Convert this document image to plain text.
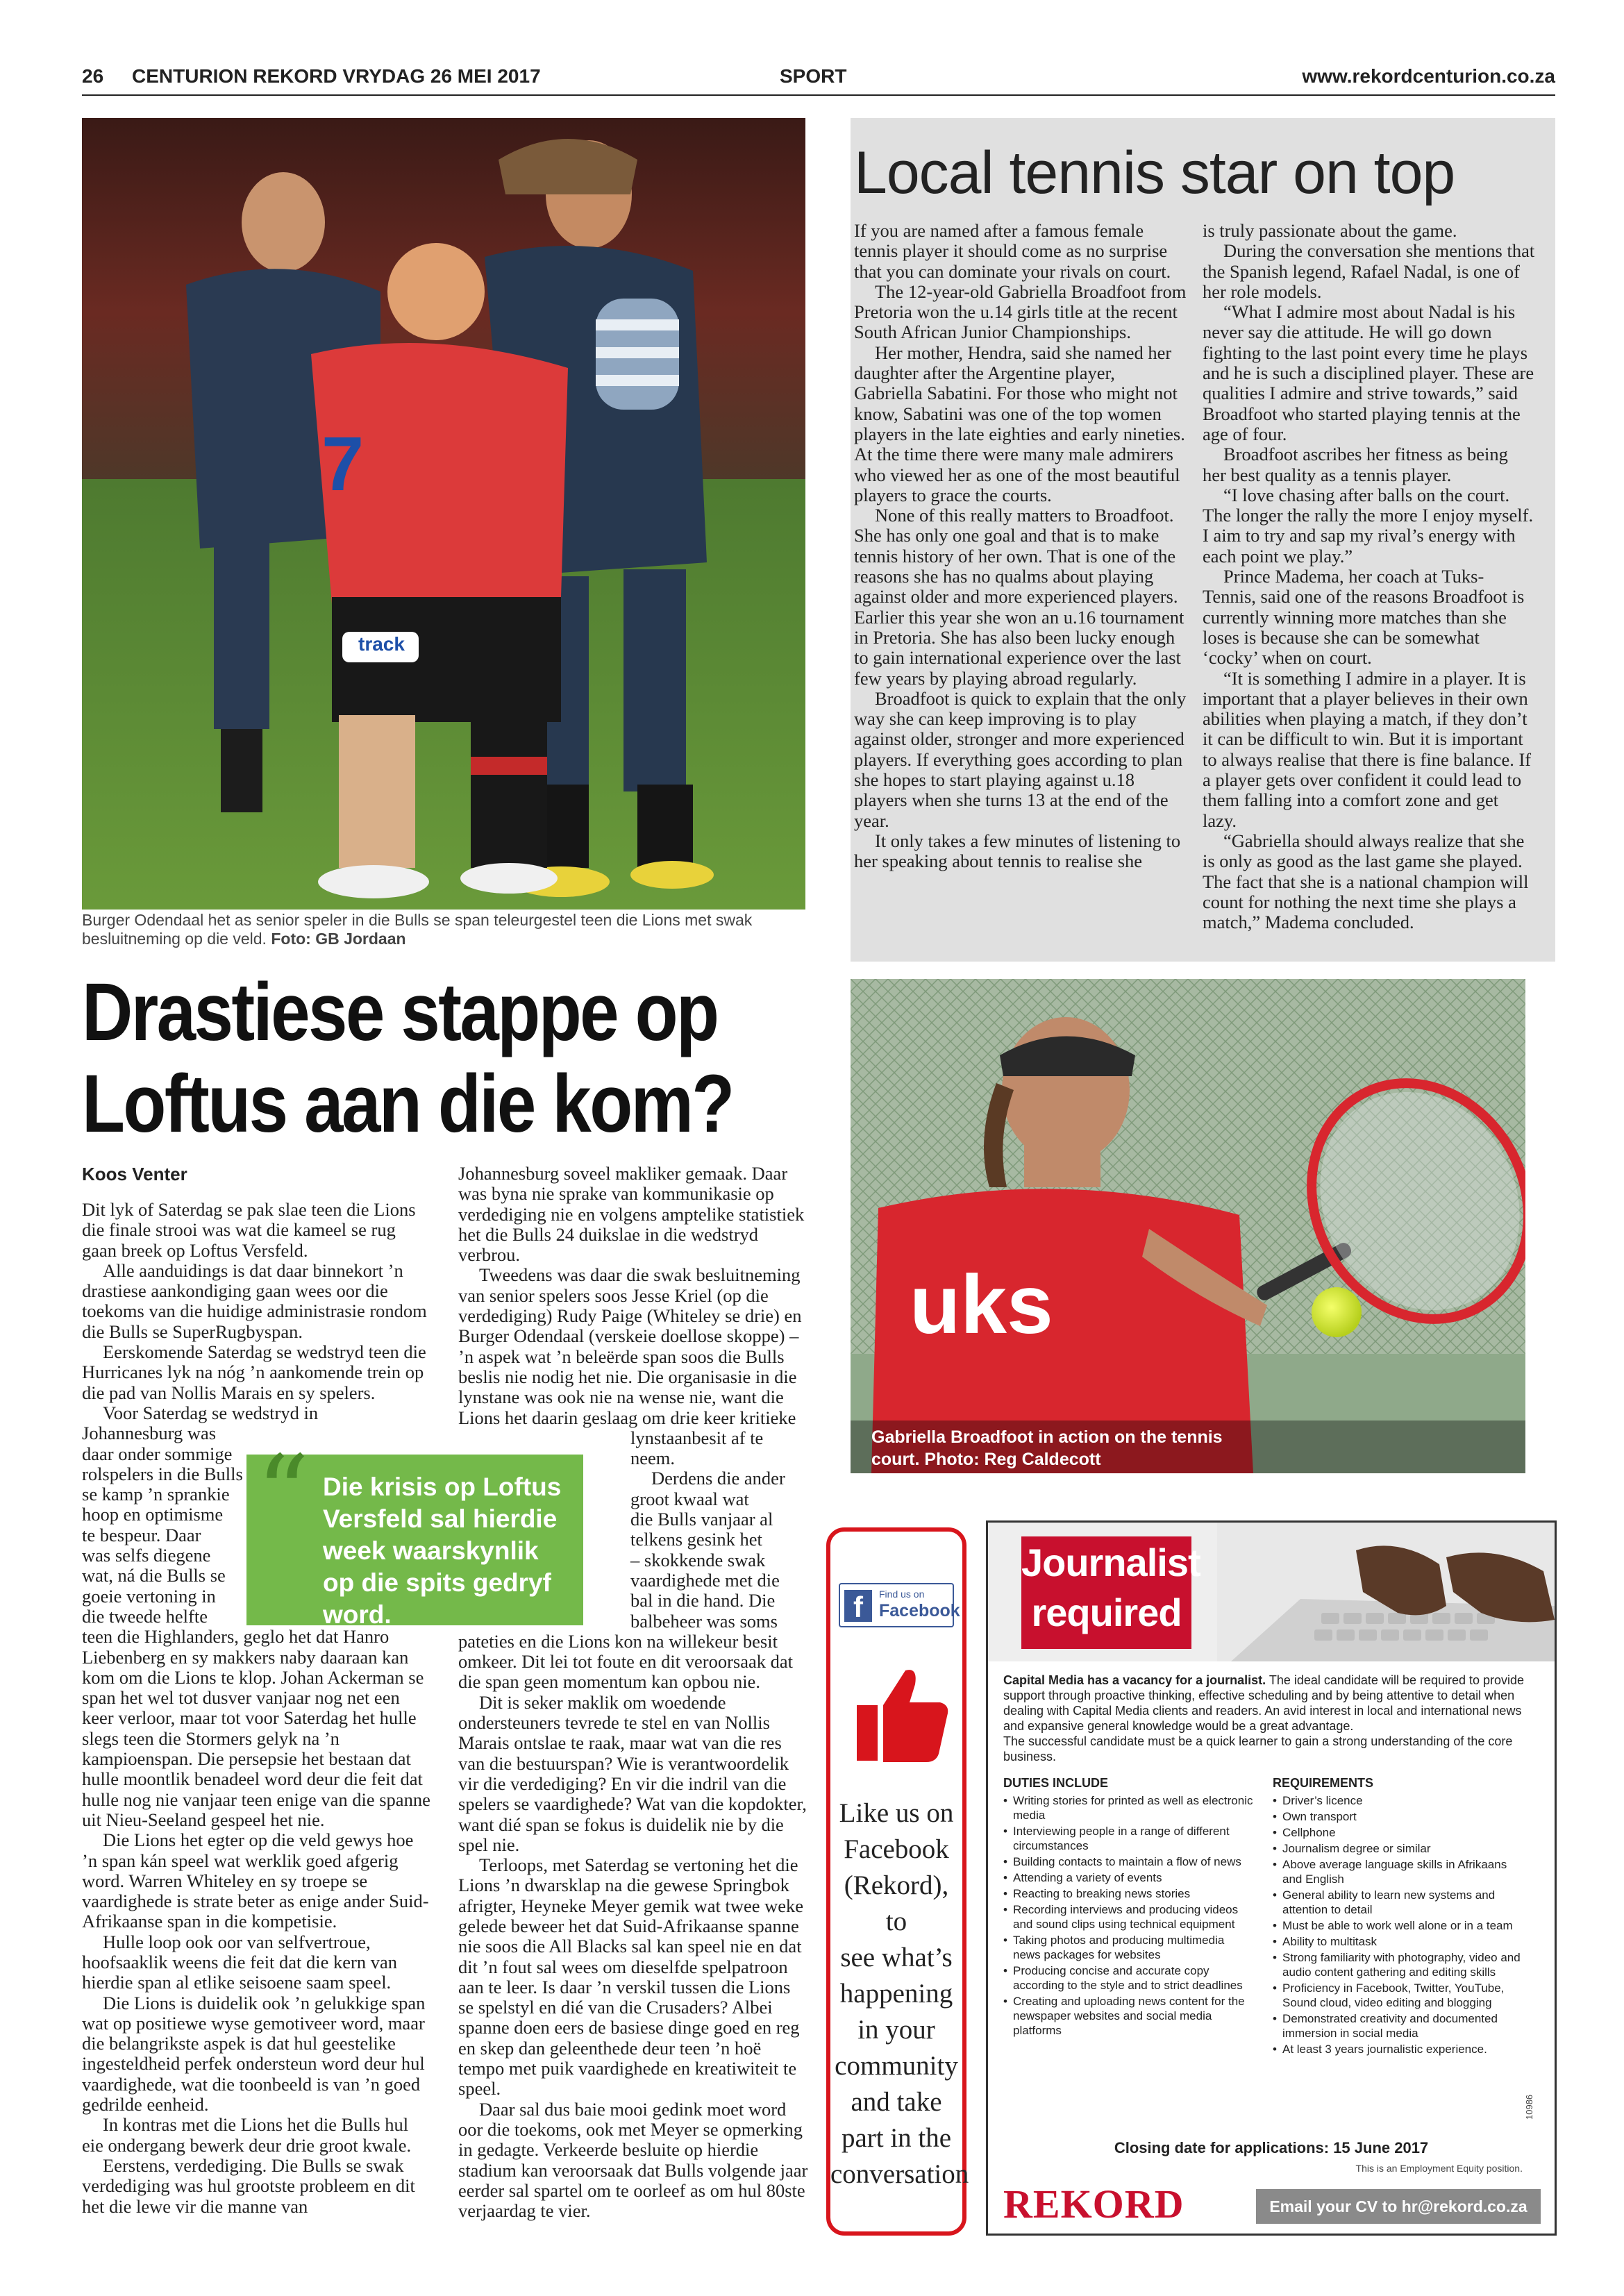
26 CENTURION REKORD VRYDAG 26 MEI 2017	SPORT	www.rekordcenturion.co.za
7
track
Burger Odendaal het as senior speler in die Bulls se span teleurgestel teen die Lions met swak besluitneming op die veld. Foto: GB Jordaan
Drastiese stappe op
Loftus aan die kom?
Koos Venter

Dit lyk of Saterdag se pak slae teen die Lions die finale strooi was wat die kameel se rug gaan breek op Loftus Versfeld.

Alle aanduidings is dat daar binnekort ’n drastiese aankondiging gaan wees oor die toekoms van die huidige administrasie rondom die Bulls se SuperRugbyspan.

Eerskomende Saterdag se wedstryd teen die Hurricanes lyk na nóg ’n aankomende trein op die pad van Nollis Marais en sy spelers.

Voor Saterdag se wedstryd in

Johannesburg was
daar onder sommige
rolspelers in die Bulls
se kamp ’n sprankie
hoop en optimisme
te bespeur. Daar
was selfs diegene
wat, ná die Bulls se
goeie vertoning in
die tweede helfte

teen die Highlanders, geglo het dat Hanro Liebenberg en sy makkers naby daaraan kan kom om die Lions te klop. Johan Ackerman se span het wel tot dusver vanjaar nog net een keer verloor, maar tot voor Saterdag het hulle slegs teen die Stormers gelyk na ’n kampioenspan. Die persepsie het bestaan dat hulle moontlik benadeel word deur die feit dat hulle nog nie vanjaar teen enige van die spanne uit Nieu-Seeland gespeel het nie.

Die Lions het egter op die veld gewys hoe ’n span kán speel wat werklik goed afgerig word. Warren Whiteley en sy troepe se vaardighede is strate beter as enige ander Suid-Afrikaanse span in die kompetisie.

Hulle loop ook oor van selfvertroue, hoofsaaklik weens die feit dat die kern van hierdie span al etlike seisoene saam speel.

Die Lions is duidelik ook ’n gelukkige span wat op positiewe wyse gemotiveer word, maar die belangrikste aspek is dat hul geestelike ingesteldheid perfek ondersteun word deur hul vaardighede, wat die toonbeeld is van ’n goed gedrilde eenheid.

In kontras met die Lions het die Bulls hul eie ondergang bewerk deur drie groot kwale.

Eerstens, verdediging. Die Bulls se swak verdediging was hul grootste probleem en dit het die lewe vir die manne van

Johannesburg soveel makliker gemaak. Daar was byna nie sprake van kommunikasie op verdediging nie en volgens amptelike statistiek het die Bulls 24 duikslae in die wedstryd verbrou.

Tweedens was daar die swak besluitneming van senior spelers soos Jesse Kriel (op die verdediging) Rudy Paige (Whiteley se drie) en Burger Odendaal (verskeie doellose skoppe) – ’n aspek wat ’n beleërde span soos die Bulls beslis nie nodig het nie. Die organisasie in die lynstane was ook nie na wense nie, want die Lions het daarin geslaag om drie keer kritieke

lynstaanbesit af te
neem.
Derdens die ander
groot kwaal wat
die Bulls vanjaar al
telkens gesink het
– skokkende swak
vaardighede met die
bal in die hand. Die
balbeheer was soms

pateties en die Lions kon na willekeur besit omkeer. Dit lei tot foute en dit veroorsaak dat die span geen momentum kan opbou nie.

Dit is seker maklik om woedende ondersteuners tevrede te stel en van Nollis Marais ontslae te raak, maar wat van die res van die bestuurspan? Wie is verantwoordelik vir die verdediging? En vir die indril van die spelers se vaardighede? Wat van die kopdokter, want dié span se fokus is duidelik nie by die spel nie.

Terloops, met Saterdag se vertoning het die Lions ’n dwarsklap na die gewese Springbok afrigter, Heyneke Meyer gemik wat twee weke gelede beweer het dat Suid-Afrikaanse spanne nie soos die All Blacks sal kan speel nie en dat dit ’n fout sal wees om dieselfde spelpatroon aan te leer. Is daar ’n verskil tussen die Lions se spelstyl en dié van die Crusaders? Albei spanne doen eers de basiese dinge goed en reg en skep dan geleenthede deur teen ’n hoë tempo met puik vaardighede en kreatiwiteit te speel.

Daar sal dus baie mooi gedink moet word oor die toekoms, ook met Meyer se opmerking in gedagte. Verkeerde besluite op hierdie stadium kan veroorsaak dat Bulls volgende jaar eerder sal spartel om te oorleef as om hul 80ste verjaardag te vier.

“ Die krisis op Loftus Versfeld sal hierdie week waarskynlik op die spits gedryf word.
Local tennis star on top

If you are named after a famous female tennis player it should come as no surprise that you can dominate your rivals on court.

The 12-year-old Gabriella Broadfoot from Pretoria won the u.14 girls title at the recent South African Junior Championships.

Her mother, Hendra, said she named her daughter after the Argentine player, Gabriella Sabatini. For those who might not know, Sabatini was one of the top women players in the late eighties and early nineties. At the time there were many male admirers who viewed her as one of the most beautiful players to grace the courts.

None of this really matters to Broadfoot. She has only one goal and that is to make tennis history of her own. That is one of the reasons she has no qualms about playing against older and more experienced players. Earlier this year she won an u.16 tournament in Pretoria. She has also been lucky enough to gain international experience over the last few years by playing abroad regularly.

Broadfoot is quick to explain that the only way she can keep improving is to play against older, stronger and more experienced players. If everything goes according to plan she hopes to start playing against u.18 players when she turns 13 at the end of the year.

It only takes a few minutes of listening to her speaking about tennis to realise she

is truly passionate about the game.

During the conversation she mentions that the Spanish legend, Rafael Nadal, is one of her role models.

“What I admire most about Nadal is his never say die attitude. He will go down fighting to the last point every time he plays and he is such a disciplined player. These are qualities I admire and strive towards,” said Broadfoot who started playing tennis at the age of four.

Broadfoot ascribes her fitness as being her best quality as a tennis player.

“I love chasing after balls on the court. The longer the rally the more I enjoy myself. I aim to try and sap my rival’s energy with each point we play.”

Prince Madema, her coach at Tuks-Tennis, said one of the reasons Broadfoot is currently winning more matches than she loses is because she can be somewhat ‘cocky’ when on court.

“It is something I admire in a player. It is important that a player believes in their own abilities when playing a match, if they don’t it can be difficult to win. But it is important to always realise that there is fine balance. If a player gets over confident it could lead to them falling into a comfort zone and get lazy.

“Gabriella should always realize that she is only as good as the last game she played. The fact that she is a national champion will count for nothing the next time she plays a match,” Madema concluded.

uks
Gabriella Broadfoot in action on the tennis
court. Photo: Reg Caldecott
f	Find us on
Facebook
Like us on
Facebook
(Rekord), to
see what’s
happening
in your
community
and take
part in the
conversation
Journalist
required
Capital Media has a vacancy for a journalist. The ideal candidate will be required to provide support through proactive thinking, effective scheduling and by being attentive to detail when dealing with Capital Media clients and readers. An avid interest in local and international news and expansive general knowledge would be a great advantage.
The successful candidate must be a quick learner to gain a strong understanding of the core business.
DUTIES INCLUDE
• Writing stories for printed as well as electronic media
• Interviewing people in a range of different circumstances
• Building contacts to maintain a flow of news
• Attending a variety of events
• Reacting to breaking news stories
• Recording interviews and producing videos and sound clips using technical equipment
• Taking photos and producing multimedia news packages for websites
• Producing concise and accurate copy according to the style and to strict deadlines
• Creating and uploading news content for the newspaper websites and social media platforms
REQUIREMENTS
• Driver’s licence
• Own transport
• Cellphone
• Journalism degree or similar
• Above average language skills in Afrikaans and English
• General ability to learn new systems and attention to detail
• Must be able to work well alone or in a team
• Ability to multitask
• Strong familiarity with photography, video and audio content gathering and editing skills
• Proficiency in Facebook, Twitter, YouTube, Sound cloud, video editing and blogging
• Demonstrated creativity and documented immersion in social media
• At least 3 years journalistic experience.
Closing date for applications: 15 June 2017
This is an Employment Equity position.
10986
REKORD	Email your CV to hr@rekord.co.za
